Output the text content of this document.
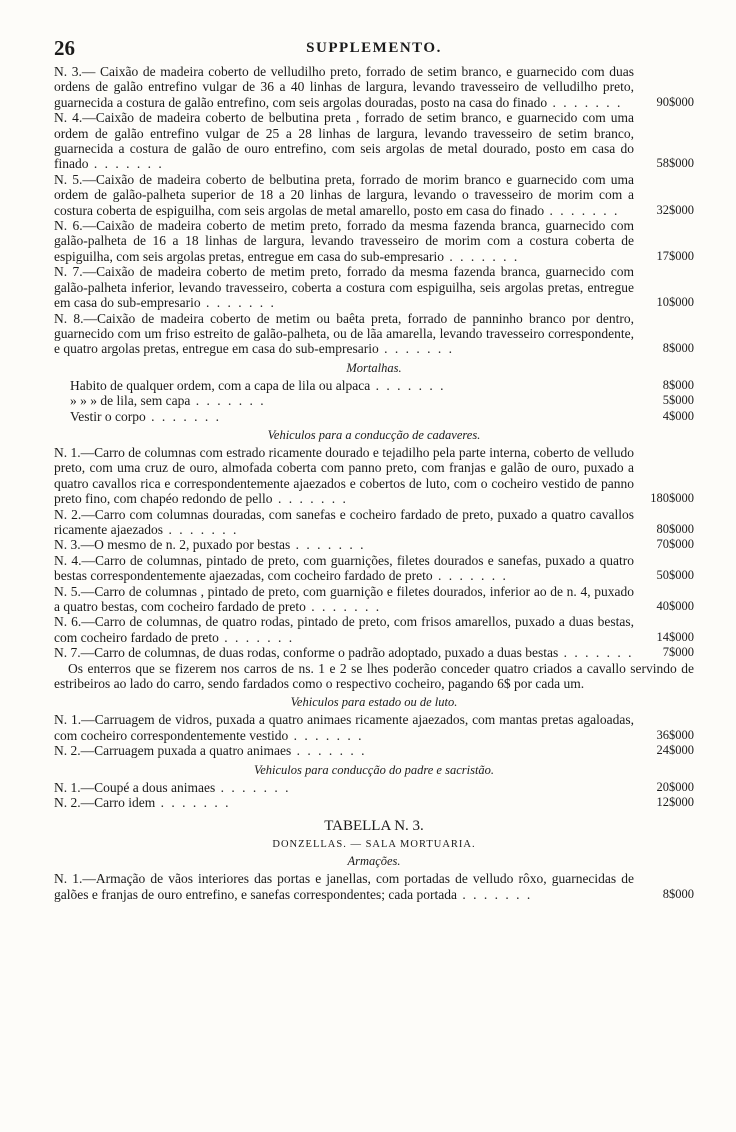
26	SUPPLEMENTO.
N. 3.— Caixão de madeira coberto de velludilho preto, forrado de setim branco, e guarnecido com duas ordens de galão entrefino vulgar de 36 a 40 linhas de largura, levando travesseiro de velludilho preto, guarnecida a costura de galão entrefino, com seis argolas douradas, posto na casa do finado . . . . . . .	90$000
N. 4.—Caixão de madeira coberto de belbutina preta , forrado de setim branco, e guarnecido com uma ordem de galão entrefino vulgar de 25 a 28 linhas de largura, levando travesseiro de setim branco, guarnecida a costura de galão de ouro entrefino, com seis argolas de metal dourado, posto em casa do finado . . . . . . .	58$000
N. 5.—Caixão de madeira coberto de belbutina preta, forrado de morim branco e guarnecido com uma ordem de galão-palheta superior de 18 a 20 linhas de largura, levando o travesseiro de morim com a costura coberta de espiguilha, com seis argolas de metal amarello, posto em casa do finado . . . . . . .	32$000
N. 6.—Caixão de madeira coberto de metim preto, forrado da mesma fazenda branca, guarnecido com galão-palheta de 16 a 18 linhas de largura, levando travesseiro de morim com a costura coberta de espiguilha, com seis argolas pretas, entregue em casa do sub-empresario . . . . . . .	17$000
N. 7.—Caixão de madeira coberto de metim preto, forrado da mesma fazenda branca, guarnecido com galão-palheta inferior, levando travesseiro, coberta a costura com espiguilha, seis argolas pretas, entregue em casa do sub-empresario . . . . . . .	10$000
N. 8.—Caixão de madeira coberto de metim ou baêta preta, forrado de panninho branco por dentro, guarnecido com um friso estreito de galão-palheta, ou de lãa amarella, levando travesseiro correspondente, e quatro argolas pretas, entregue em casa do sub-empresario . . . . . . .	8$000
Mortalhas.
Habito de qualquer ordem, com a capa de lila ou alpaca . . . . . . .	8$000
» » » de lila, sem capa . . . . . . .	5$000
Vestir o corpo . . . . . . .	4$000
Vehiculos para a conducção de cadaveres.
N. 1.—Carro de columnas com estrado ricamente dourado e tejadilho pela parte interna, coberto de velludo preto, com uma cruz de ouro, almofada coberta com panno preto, com franjas e galão de ouro, puxado a quatro cavallos rica e correspondentemente ajaezados e cobertos de luto, com o cocheiro vestido de panno preto fino, com chapéo redondo de pello . . . . . . .	180$000
N. 2.—Carro com columnas douradas, com sanefas e cocheiro fardado de preto, puxado a quatro cavallos ricamente ajaezados . . . . . . .	80$000
N. 3.—O mesmo de n. 2, puxado por bestas . . . . . . .	70$000
N. 4.—Carro de columnas, pintado de preto, com guarnições, filetes dourados e sanefas, puxado a quatro bestas correspondentemente ajaezadas, com cocheiro fardado de preto . . . . . . .	50$000
N. 5.—Carro de columnas , pintado de preto, com guarnição e filetes dourados, inferior ao de n. 4, puxado a quatro bestas, com cocheiro fardado de preto . . . . . . .	40$000
N. 6.—Carro de columnas, de quatro rodas, pintado de preto, com frisos amarellos, puxado a duas bestas, com cocheiro fardado de preto . . . . . . .	14$000
N. 7.—Carro de columnas, de duas rodas, conforme o padrão adoptado, puxado a duas bestas . . . . . . .	7$000
Os enterros que se fizerem nos carros de ns. 1 e 2 se lhes poderão conceder quatro criados a cavallo servindo de estribeiros ao lado do carro, sendo fardados como o respectivo cocheiro, pagando 6$ por cada um.
Vehiculos para estado ou de luto.
N. 1.—Carruagem de vidros, puxada a quatro animaes ricamente ajaezados, com mantas pretas agaloadas, com cocheiro correspondentemente vestido . . . . . . .	36$000
N. 2.—Carruagem puxada a quatro animaes . . . . . . .	24$000
Vehiculos para conducção do padre e sacristão.
N. 1.—Coupé a dous animaes . . . . . . .	20$000
N. 2.—Carro idem . . . . . . .	12$000
TABELLA N. 3.
DONZELLAS. — SALA MORTUARIA.
Armações.
N. 1.—Armação de vãos interiores das portas e janellas, com portadas de velludo rôxo, guarnecidas de galões e franjas de ouro entrefino, e sanefas correspondentes; cada portada . . . . . . .	8$000
